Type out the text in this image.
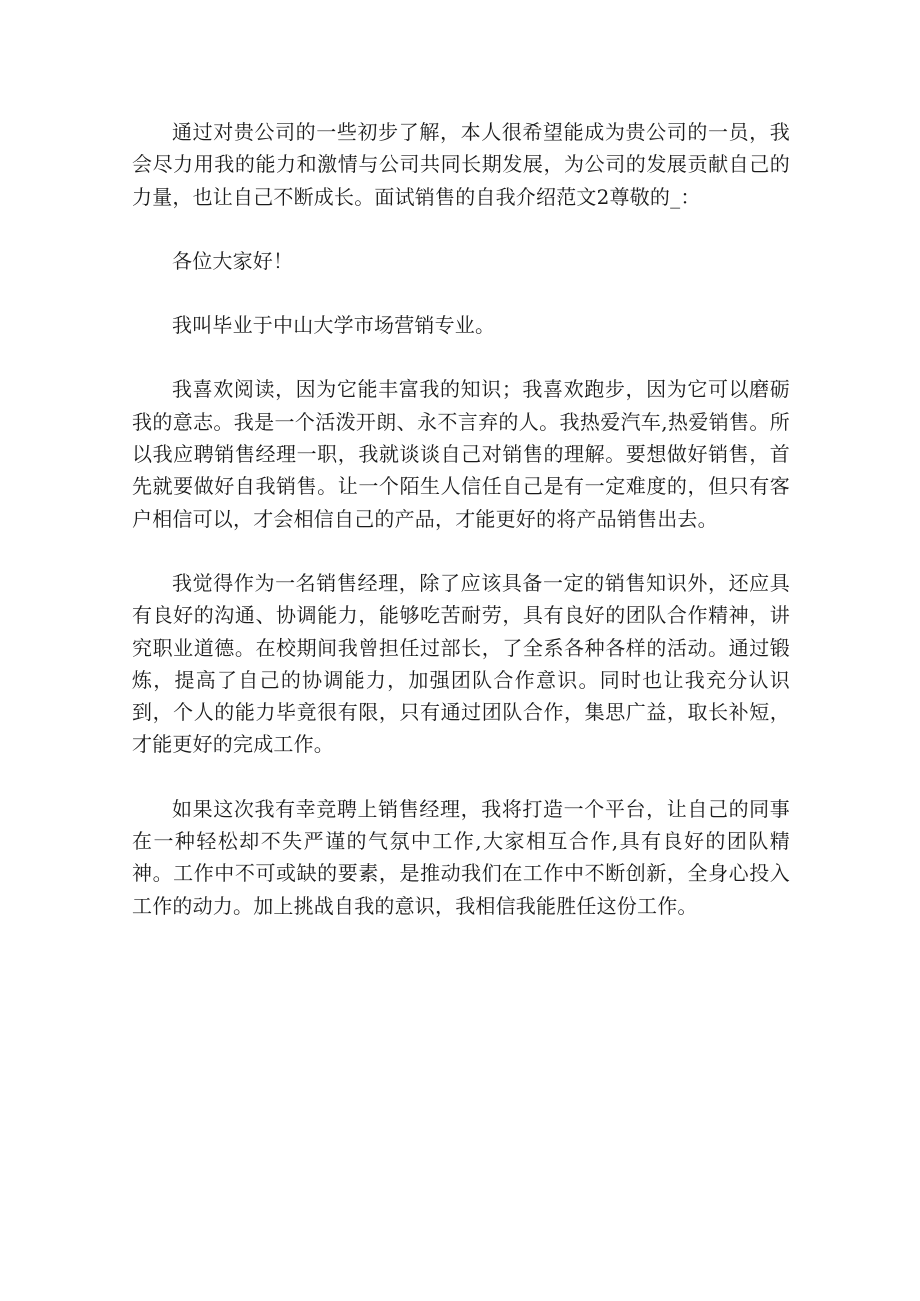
通过对贵公司的一些初步了解，本人很希望能成为贵公司的一员，我会尽力用我的能力和激情与公司共同长期发展，为公司的发展贡献自己的力量，也让自己不断成长。面试销售的自我介绍范文2尊敬的_：

各位大家好！

我叫毕业于中山大学市场营销专业。

我喜欢阅读，因为它能丰富我的知识；我喜欢跑步，因为它可以磨砺我的意志。我是一个活泼开朗、永不言弃的人。我热爱汽车,热爱销售。所以我应聘销售经理一职，我就谈谈自己对销售的理解。要想做好销售，首先就要做好自我销售。让一个陌生人信任自己是有一定难度的，但只有客户相信可以，才会相信自己的产品，才能更好的将产品销售出去。

我觉得作为一名销售经理，除了应该具备一定的销售知识外，还应具有良好的沟通、协调能力，能够吃苦耐劳，具有良好的团队合作精神，讲究职业道德。在校期间我曾担任过部长，了全系各种各样的活动。通过锻炼，提高了自己的协调能力，加强团队合作意识。同时也让我充分认识到，个人的能力毕竟很有限，只有通过团队合作，集思广益，取长补短，才能更好的完成工作。

如果这次我有幸竞聘上销售经理，我将打造一个平台，让自己的同事在一种轻松却不失严谨的气氛中工作,大家相互合作,具有良好的团队精神。工作中不可或缺的要素，是推动我们在工作中不断创新，全身心投入工作的动力。加上挑战自我的意识，我相信我能胜任这份工作。
